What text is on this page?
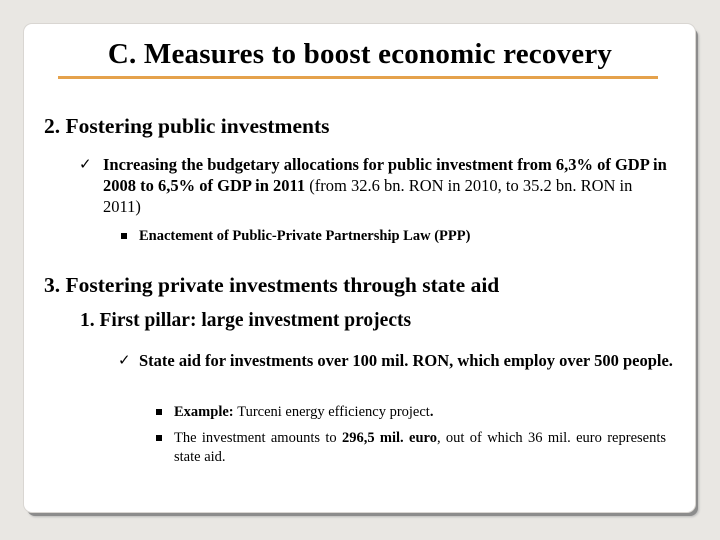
C. Measures to boost economic recovery

2. Fostering public investments

✓ Increasing the budgetary allocations for public investment from 6,3% of GDP in 2008 to 6,5% of GDP in 2011 (from 32.6 bn. RON in 2010, to 35.2 bn. RON in 2011)

Enactement of Public-Private Partnership Law (PPP)

3. Fostering private investments through state aid

1. First pillar: large investment projects

✓ State aid for investments over 100 mil. RON, which employ over 500 people.

Example: Turceni energy efficiency project.

The investment amounts to 296,5 mil. euro, out of which 36 mil. euro represents state aid.
